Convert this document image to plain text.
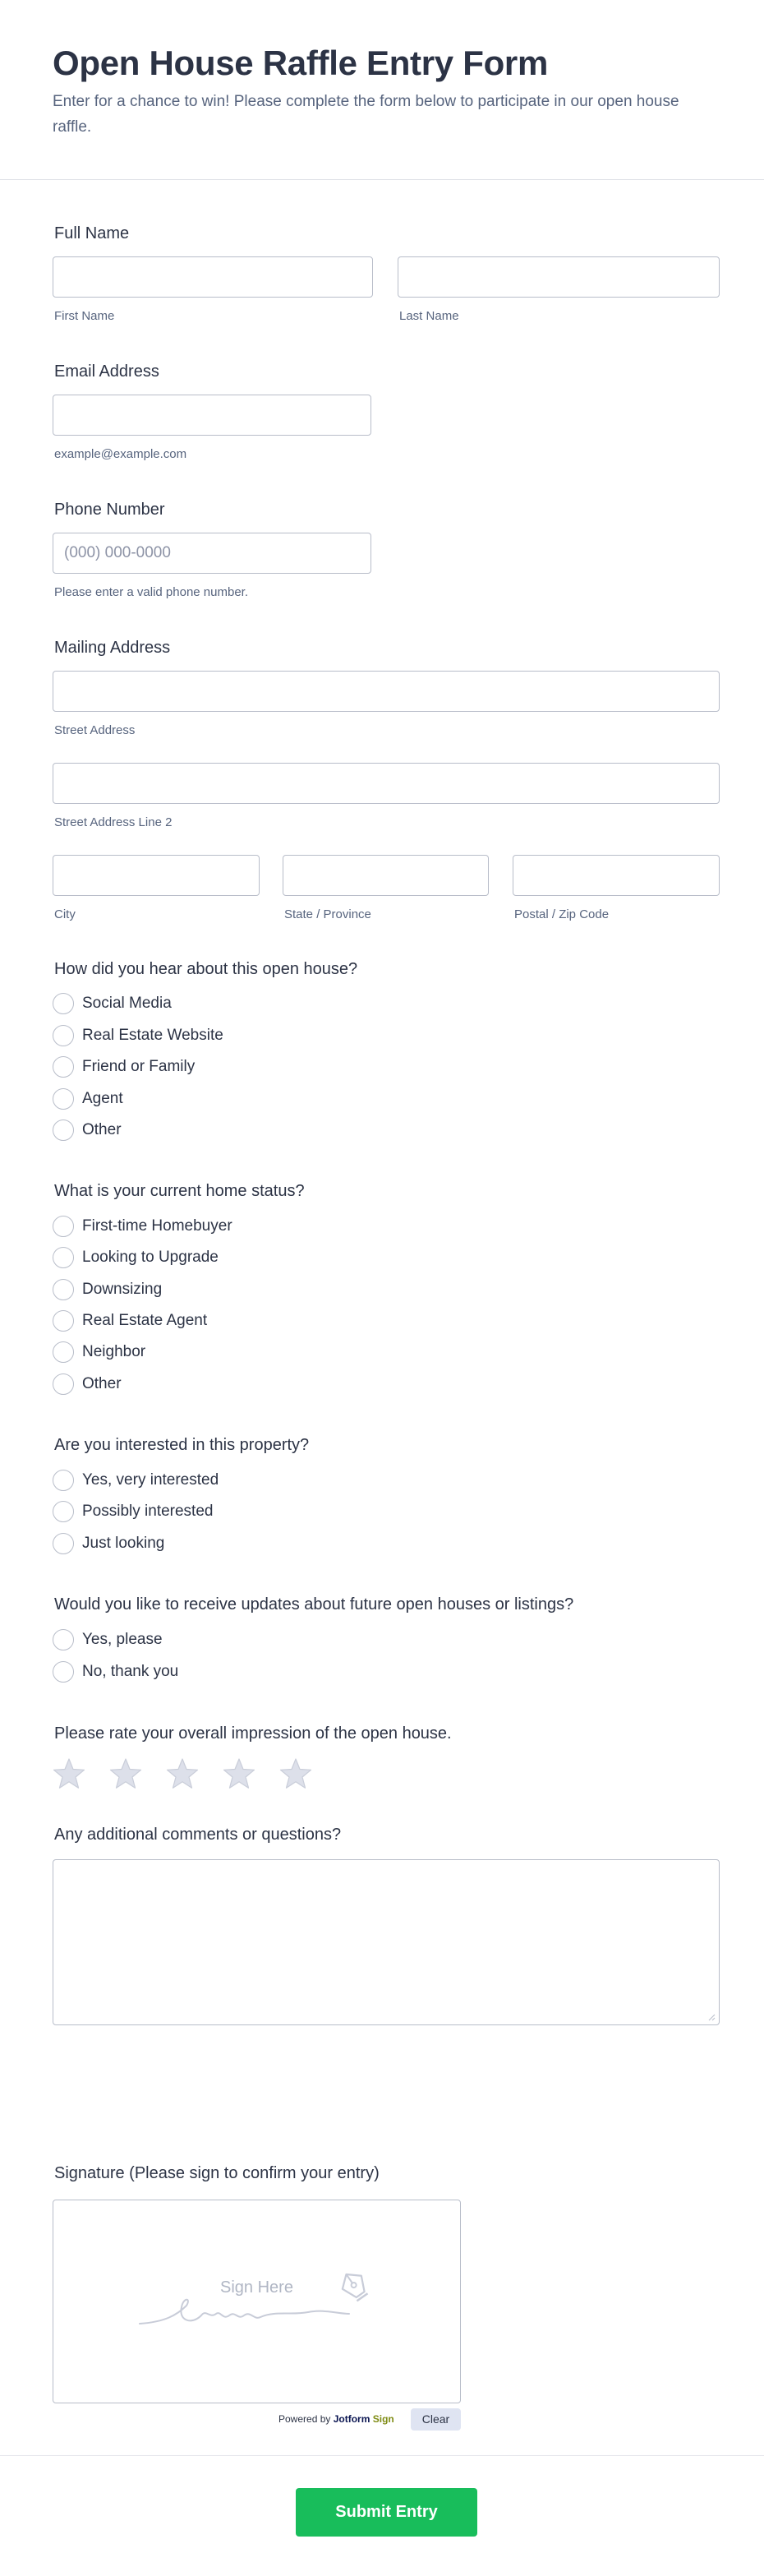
Open House Raffle Entry Form

Enter for a chance to win! Please complete the form below to participate in our open house raffle.

Full Name
First Name	Last Name
Email Address
example@example.com
Phone Number
(000) 000-0000
Please enter a valid phone number.
Mailing Address
Street Address
Street Address Line 2
City	State / Province	Postal / Zip Code
How did you hear about this open house?
Social Media
Real Estate Website
Friend or Family
Agent
Other
What is your current home status?
First-time Homebuyer
Looking to Upgrade
Downsizing
Real Estate Agent
Neighbor
Other
Are you interested in this property?
Yes, very interested
Possibly interested
Just looking
Would you like to receive updates about future open houses or listings?
Yes, please
No, thank you
Please rate your overall impression of the open house.
Any additional comments or questions?
Signature (Please sign to confirm your entry)
Sign Here
Powered by Jotform Sign	Clear
Submit Entry
